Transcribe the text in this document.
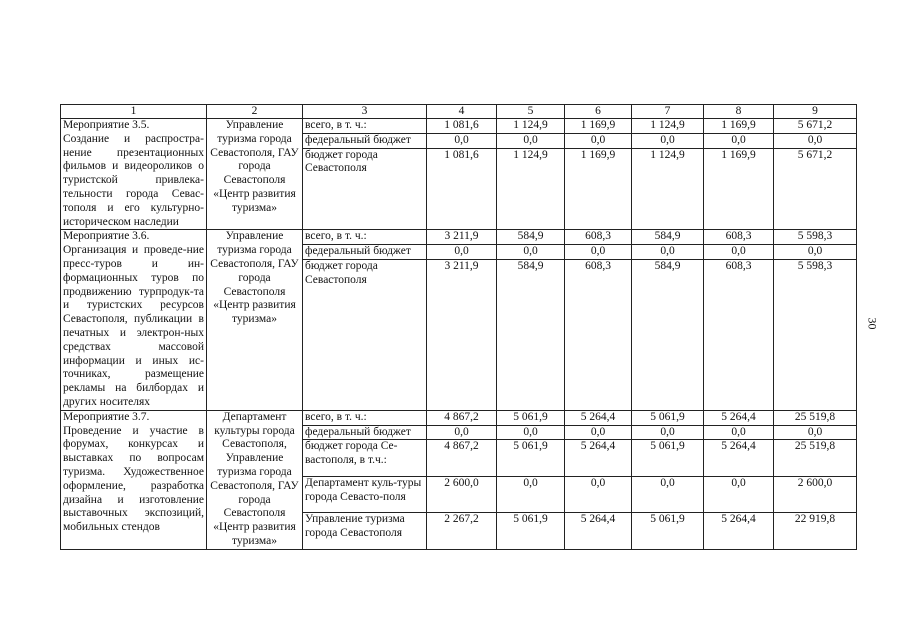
1	2	3	4	5	6	7	8	9
Мероприятие 3.5.
Создание и распростра-нение презентационных фильмов и видеороликов о туристской привлека-тельности города Севас-тополя и его культурно-историческом наследии	Управление туризма города Севастополя, ГАУ города Севастополя «Центр развития туризма»	всего, в т. ч.:	1 081,6	1 124,9	1 169,9	1 124,9	1 169,9	5 671,2
		федеральный бюджет	0,0	0,0	0,0	0,0	0,0	0,0
		бюджет города Севастополя	1 081,6	1 124,9	1 169,9	1 124,9	1 169,9	5 671,2
Мероприятие 3.6.
Организация и проведе-ние пресс-туров и ин-формационных туров по продвижению турпродук-та и туристских ресурсов Севастополя, публикации в печатных и электрон-ных средствах массовой информации и иных ис-точниках, размещение рекламы на билбордах и других носителях	Управление туризма города Севастополя, ГАУ города Севастополя «Центр развития туризма»	всего, в т. ч.:	3 211,9	584,9	608,3	584,9	608,3	5 598,3
		федеральный бюджет	0,0	0,0	0,0	0,0	0,0	0,0
		бюджет города Севастополя	3 211,9	584,9	608,3	584,9	608,3	5 598,3
Мероприятие 3.7.
Проведение и участие в форумах, конкурсах и выставках по вопросам туризма. Художественное оформление, разработка дизайна и изготовление выставочных экспозиций, мобильных стендов	Департамент культуры города Севастополя, Управление туризма города Севастополя, ГАУ города Севастополя «Центр развития туризма»	всего, в т. ч.:	4 867,2	5 061,9	5 264,4	5 061,9	5 264,4	25 519,8
		федеральный бюджет	0,0	0,0	0,0	0,0	0,0	0,0
		бюджет города Се-вастополя, в т.ч.:	4 867,2	5 061,9	5 264,4	5 061,9	5 264,4	25 519,8
		Департамент куль-туры города Севасто-поля	2 600,0	0,0	0,0	0,0	0,0	2 600,0
		Управление туризма города Севастополя	2 267,2	5 061,9	5 264,4	5 061,9	5 264,4	22 919,8
30
